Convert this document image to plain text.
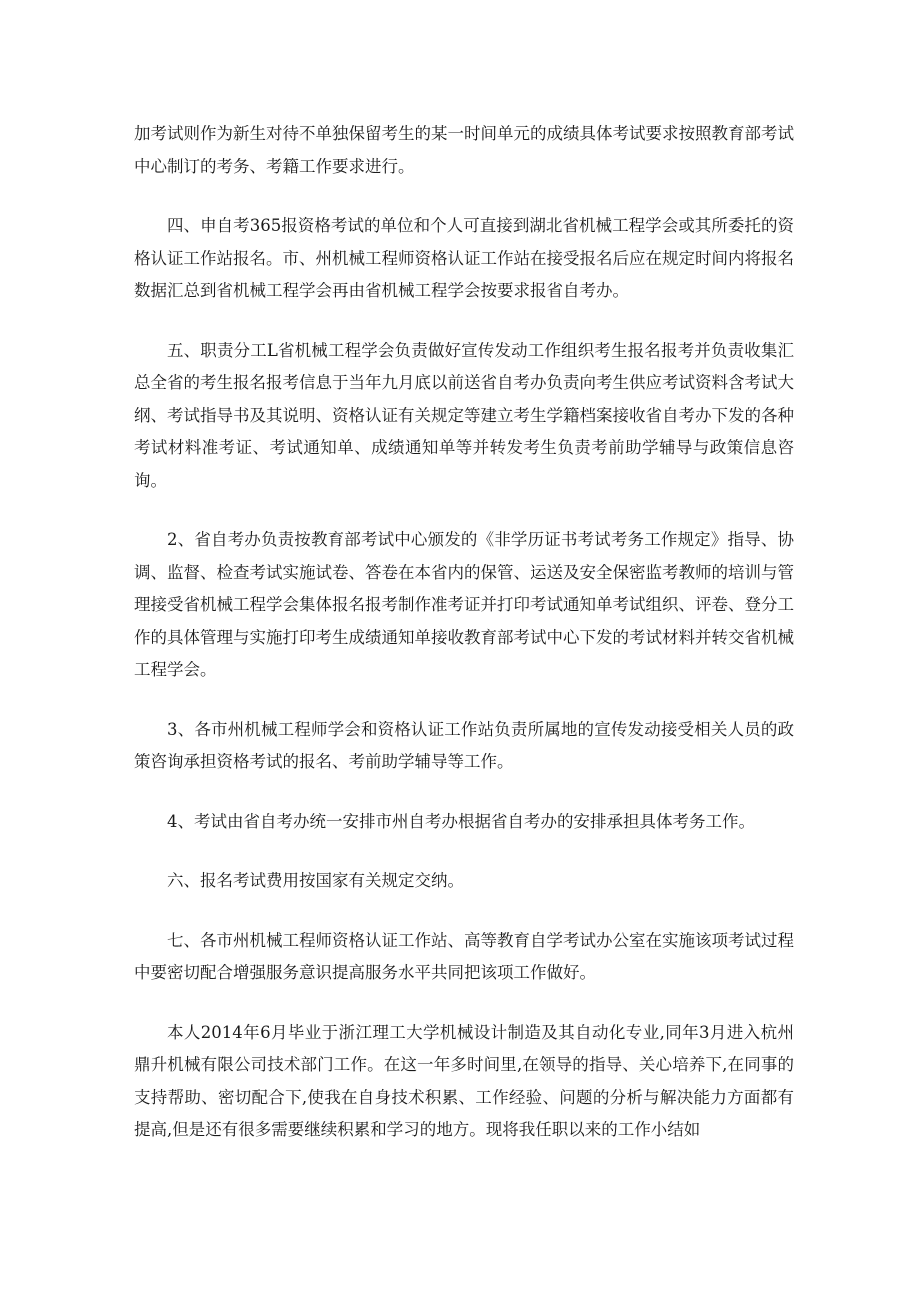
加考试则作为新生对待不单独保留考生的某一时间单元的成绩具体考试要求按照教育部考试中心制订的考务、考籍工作要求进行。

四、申自考365报资格考试的单位和个人可直接到湖北省机械工程学会或其所委托的资格认证工作站报名。市、州机械工程师资格认证工作站在接受报名后应在规定时间内将报名数据汇总到省机械工程学会再由省机械工程学会按要求报省自考办。

五、职责分工L省机械工程学会负责做好宣传发动工作组织考生报名报考并负责收集汇总全省的考生报名报考信息于当年九月底以前送省自考办负责向考生供应考试资料含考试大纲、考试指导书及其说明、资格认证有关规定等建立考生学籍档案接收省自考办下发的各种考试材料准考证、考试通知单、成绩通知单等并转发考生负责考前助学辅导与政策信息咨询。

2、省自考办负责按教育部考试中心颁发的《非学历证书考试考务工作规定》指导、协调、监督、检查考试实施试卷、答卷在本省内的保管、运送及安全保密监考教师的培训与管理接受省机械工程学会集体报名报考制作准考证并打印考试通知单考试组织、评卷、登分工作的具体管理与实施打印考生成绩通知单接收教育部考试中心下发的考试材料并转交省机械工程学会。

3、各市州机械工程师学会和资格认证工作站负责所属地的宣传发动接受相关人员的政策咨询承担资格考试的报名、考前助学辅导等工作。

4、考试由省自考办统一安排市州自考办根据省自考办的安排承担具体考务工作。

六、报名考试费用按国家有关规定交纳。

七、各市州机械工程师资格认证工作站、高等教育自学考试办公室在实施该项考试过程中要密切配合增强服务意识提高服务水平共同把该项工作做好。

本人2014年6月毕业于浙江理工大学机械设计制造及其自动化专业,同年3月进入杭州鼎升机械有限公司技术部门工作。在这一年多时间里,在领导的指导、关心培养下,在同事的支持帮助、密切配合下,使我在自身技术积累、工作经验、问题的分析与解决能力方面都有提高,但是还有很多需要继续积累和学习的地方。现将我任职以来的工作小结如
